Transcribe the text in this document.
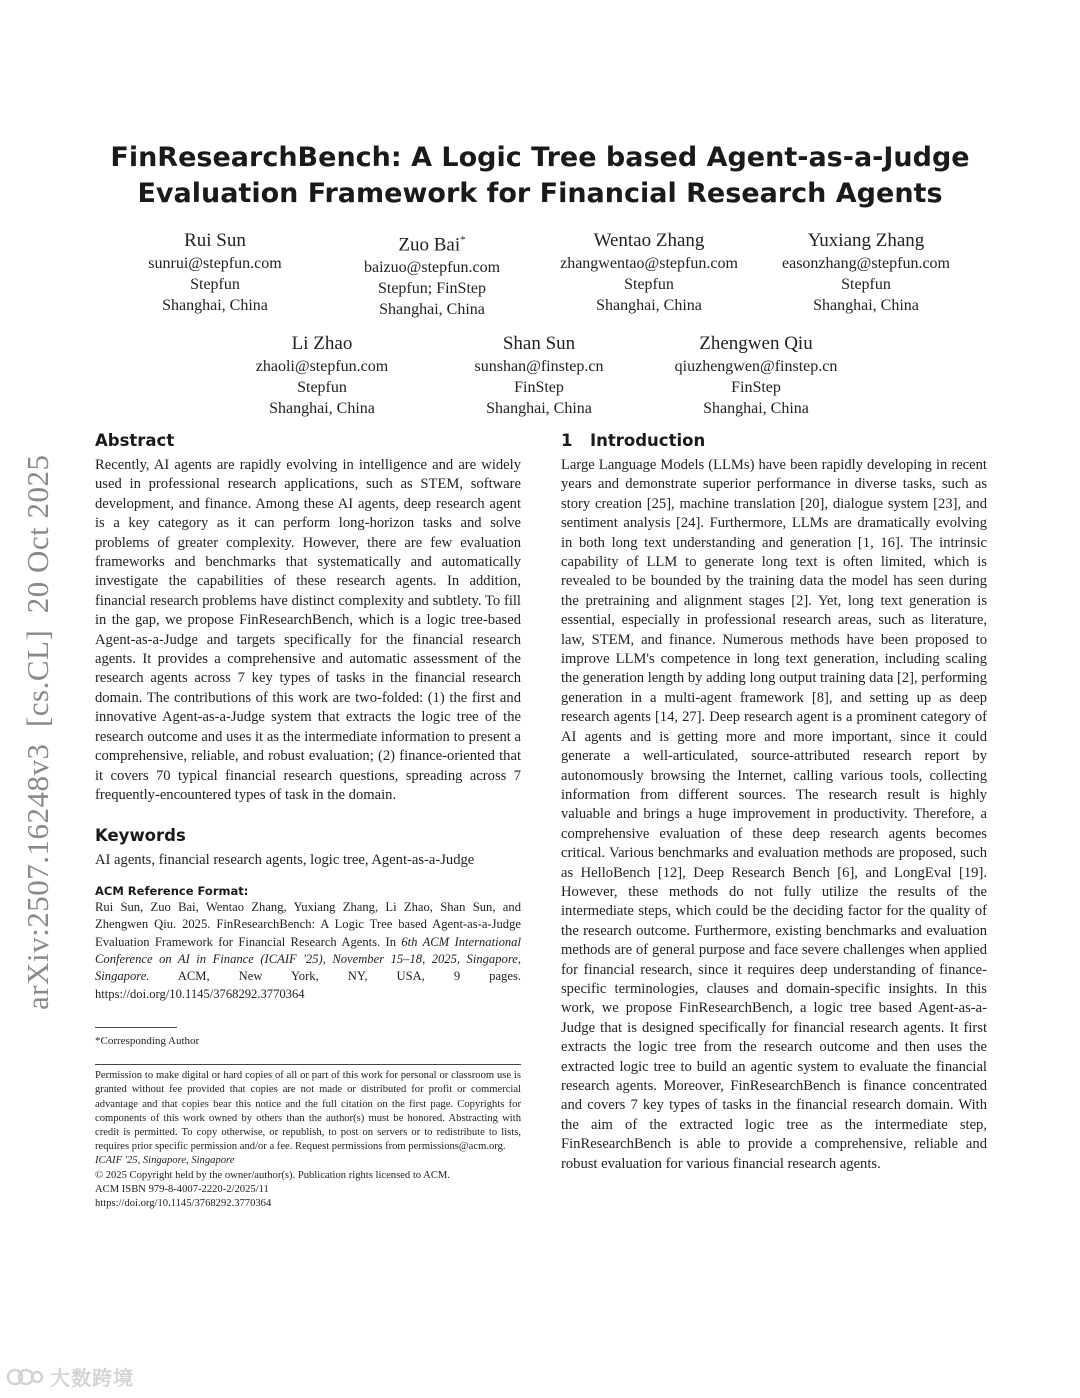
arXiv:2507.16248v3  [cs.CL]  20 Oct 2025
FinResearchBench: A Logic Tree based Agent-as-a-Judge
Evaluation Framework for Financial Research Agents
Rui Sun
sunrui@stepfun.com
Stepfun
Shanghai, China
Zuo Bai*
baizuo@stepfun.com
Stepfun; FinStep
Shanghai, China
Wentao Zhang
zhangwentao@stepfun.com
Stepfun
Shanghai, China
Yuxiang Zhang
easonzhang@stepfun.com
Stepfun
Shanghai, China
Li Zhao
zhaoli@stepfun.com
Stepfun
Shanghai, China
Shan Sun
sunshan@finstep.cn
FinStep
Shanghai, China
Zhengwen Qiu
qiuzhengwen@finstep.cn
FinStep
Shanghai, China
Abstract

Recently, AI agents are rapidly evolving in intelligence and are widely used in professional research applications, such as STEM, software development, and finance. Among these AI agents, deep research agent is a key category as it can perform long-horizon tasks and solve problems of greater complexity. However, there are few evaluation frameworks and benchmarks that systematically and automatically investigate the capabilities of these research agents. In addition, financial research problems have distinct complexity and subtlety. To fill in the gap, we propose FinResearchBench, which is a logic tree-based Agent-as-a-Judge and targets specifically for the financial research agents. It provides a comprehensive and automatic assessment of the research agents across 7 key types of tasks in the financial research domain. The contributions of this work are two-folded: (1) the first and innovative Agent-as-a-Judge system that extracts the logic tree of the research outcome and uses it as the intermediate information to present a comprehensive, reliable, and robust evaluation; (2) finance-oriented that it covers 70 typical financial research questions, spreading across 7 frequently-encountered types of task in the domain.

Keywords

AI agents, financial research agents, logic tree, Agent-as-a-Judge

ACM Reference Format:

Rui Sun, Zuo Bai, Wentao Zhang, Yuxiang Zhang, Li Zhao, Shan Sun, and Zhengwen Qiu. 2025. FinResearchBench: A Logic Tree based Agent-as-a-Judge Evaluation Framework for Financial Research Agents. In 6th ACM International Conference on AI in Finance (ICAIF '25), November 15–18, 2025, Singapore, Singapore. ACM, New York, NY, USA, 9 pages. https://doi.org/10.1145/3768292.3770364

*Corresponding Author

Permission to make digital or hard copies of all or part of this work for personal or classroom use is granted without fee provided that copies are not made or distributed for profit or commercial advantage and that copies bear this notice and the full citation on the first page. Copyrights for components of this work owned by others than the author(s) must be honored. Abstracting with credit is permitted. To copy otherwise, or republish, to post on servers or to redistribute to lists, requires prior specific permission and/or a fee. Request permissions from permissions@acm.org.

ICAIF '25, Singapore, Singapore

© 2025 Copyright held by the owner/author(s). Publication rights licensed to ACM.

ACM ISBN 979-8-4007-2220-2/2025/11

https://doi.org/10.1145/3768292.3770364

1 Introduction

Large Language Models (LLMs) have been rapidly developing in recent years and demonstrate superior performance in diverse tasks, such as story creation [25], machine translation [20], dialogue system [23], and sentiment analysis [24]. Furthermore, LLMs are dramatically evolving in both long text understanding and generation [1, 16]. The intrinsic capability of LLM to generate long text is often limited, which is revealed to be bounded by the training data the model has seen during the pretraining and alignment stages [2]. Yet, long text generation is essential, especially in professional research areas, such as literature, law, STEM, and finance. Numerous methods have been proposed to improve LLM's competence in long text generation, including scaling the generation length by adding long output training data [2], performing generation in a multi-agent framework [8], and setting up as deep research agents [14, 27]. Deep research agent is a prominent category of AI agents and is getting more and more important, since it could generate a well-articulated, source-attributed research report by autonomously browsing the Internet, calling various tools, collecting information from different sources. The research result is highly valuable and brings a huge improvement in productivity. Therefore, a comprehensive evaluation of these deep research agents becomes critical. Various benchmarks and evaluation methods are proposed, such as HelloBench [12], Deep Research Bench [6], and LongEval [19]. However, these methods do not fully utilize the results of the intermediate steps, which could be the deciding factor for the quality of the research outcome. Furthermore, existing benchmarks and evaluation methods are of general purpose and face severe challenges when applied for financial research, since it requires deep understanding of finance-specific terminologies, clauses and domain-specific insights. In this work, we propose FinResearchBench, a logic tree based Agent-as-a-Judge that is designed specifically for financial research agents. It first extracts the logic tree from the research outcome and then uses the extracted logic tree to build an agentic system to evaluate the financial research agents. Moreover, FinResearchBench is finance concentrated and covers 7 key types of tasks in the financial research domain. With the aim of the extracted logic tree as the intermediate step, FinResearchBench is able to provide a comprehensive, reliable and robust evaluation for various financial research agents.

大数跨境
